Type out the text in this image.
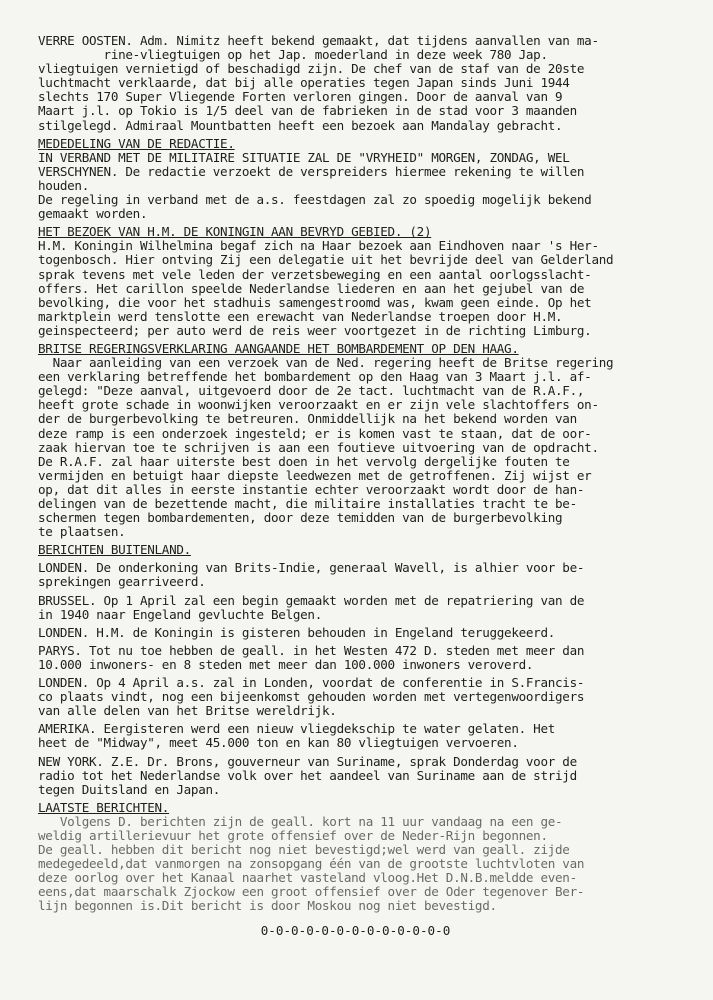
VERRE OOSTEN. Adm. Nimitz heeft bekend gemaakt, dat tijdens aanvallen van ma-
rine-vliegtuigen op het Jap. moederland in deze week 780 Jap.
vliegtuigen vernietigd of beschadigd zijn. De chef van de staf van de 20ste
luchtmacht verklaarde, dat bij alle operaties tegen Japan sinds Juni 1944
slechts 170 Super Vliegende Forten verloren gingen. Door de aanval van 9
Maart j.l. op Tokio is 1/5 deel van de fabrieken in de stad voor 3 maanden
stilgelegd. Admiraal Mountbatten heeft een bezoek aan Mandalay gebracht.
MEDEDELING VAN DE REDACTIE.
IN VERBAND MET DE MILITAIRE SITUATIE ZAL DE "VRYHEID" MORGEN, ZONDAG, WEL
VERSCHYNEN. De redactie verzoekt de verspreiders hiermee rekening te willen
houden.
De regeling in verband met de a.s. feestdagen zal zo spoedig mogelijk bekend
gemaakt worden.
HET BEZOEK VAN H.M. DE KONINGIN AAN BEVRYD GEBIED. (2)
H.M. Koningin Wilhelmina begaf zich na Haar bezoek aan Eindhoven naar 's Her-
togenbosch. Hier ontving Zij een delegatie uit het bevrijde deel van Gelderland
sprak tevens met vele leden der verzetsbeweging en een aantal oorlogsslacht-
offers. Het carillon speelde Nederlandse liederen en aan het gejubel van de
bevolking, die voor het stadhuis samengestroomd was, kwam geen einde. Op het
marktplein werd tenslotte een erewacht van Nederlandse troepen door H.M.
geinspecteerd; per auto werd de reis weer voortgezet in de richting Limburg.
BRITSE REGERINGSVERKLARING AANGAANDE HET BOMBARDEMENT OP DEN HAAG.
Naar aanleiding van een verzoek van de Ned. regering heeft de Britse regering
een verklaring betreffende het bombardement op den Haag van 3 Maart j.l. af-
gelegd: "Deze aanval, uitgevoerd door de 2e tact. luchtmacht van de R.A.F.,
heeft grote schade in woonwijken veroorzaakt en er zijn vele slachtoffers on-
der de burgerbevolking te betreuren. Onmiddellijk na het bekend worden van
deze ramp is een onderzoek ingesteld; er is komen vast te staan, dat de oor-
zaak hiervan toe te schrijven is aan een foutieve uitvoering van de opdracht.
De R.A.F. zal haar uiterste best doen in het vervolg dergelijke fouten te
vermijden en betuigt haar diepste leedwezen met de getroffenen. Zij wijst er
op, dat dit alles in eerste instantie echter veroorzaakt wordt door de han-
delingen van de bezettende macht, die militaire installaties tracht te be-
schermen tegen bombardementen, door deze temidden van de burgerbevolking
te plaatsen.
BERICHTEN BUITENLAND.
LONDEN. De onderkoning van Brits-Indie, generaal Wavell, is alhier voor be-
sprekingen gearriveerd.
BRUSSEL. Op 1 April zal een begin gemaakt worden met de repatriering van de
in 1940 naar Engeland gevluchte Belgen.
LONDEN. H.M. de Koningin is gisteren behouden in Engeland teruggekeerd.
PARYS. Tot nu toe hebben de geall. in het Westen 472 D. steden met meer dan
10.000 inwoners- en 8 steden met meer dan 100.000 inwoners veroverd.
LONDEN. Op 4 April a.s. zal in Londen, voordat de conferentie in S.Francis-
co plaats vindt, nog een bijeenkomst gehouden worden met vertegenwoordigers
van alle delen van het Britse wereldrijk.
AMERIKA. Eergisteren werd een nieuw vliegdekschip te water gelaten. Het
heet de "Midway", meet 45.000 ton en kan 80 vliegtuigen vervoeren.
NEW YORK. Z.E. Dr. Brons, gouverneur van Suriname, sprak Donderdag voor de
radio tot het Nederlandse volk over het aandeel van Suriname aan de strijd
tegen Duitsland en Japan.
LAATSTE BERICHTEN.
Volgens D. berichten zijn de geall. kort na 11 uur vandaag na een ge-
weldig artillerievuur het grote offensief over de Neder-Rijn begonnen.
De geall. hebben dit bericht nog niet bevestigd;wel werd van geall. zijde
medegedeeld,dat vanmorgen na zonsopgang één van de grootste luchtvloten van
deze oorlog over het Kanaal naarhet vasteland vloog.Het D.N.B.meldde even-
eens,dat maarschalk Zjockow een groot offensief over de Oder tegenover Ber-
lijn begonnen is.Dit bericht is door Moskou nog niet bevestigd.
0-0-0-0-0-0-0-0-0-0-0-0-0
